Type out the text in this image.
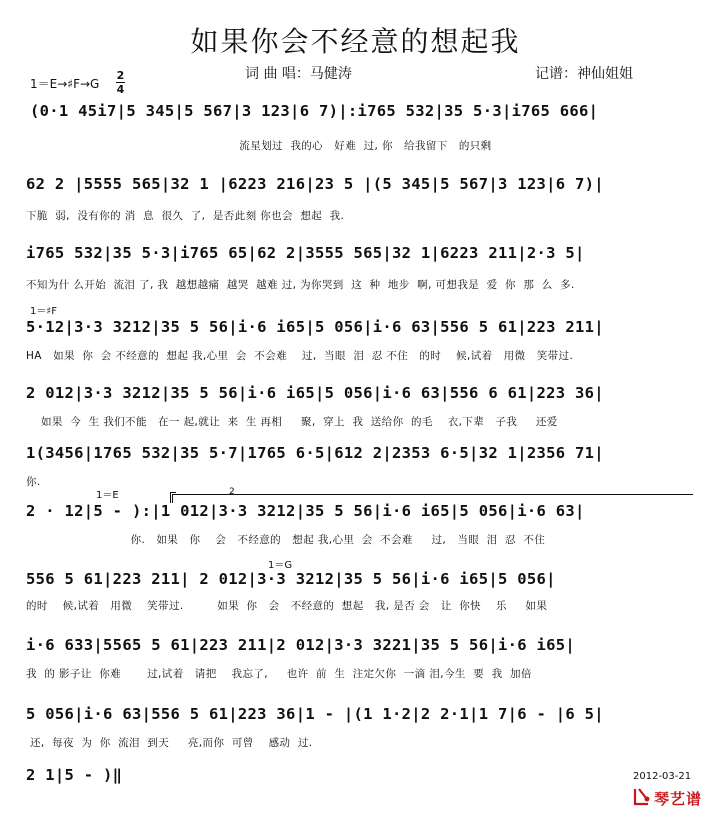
如果你会不经意的想起我
词 曲 唱：马健涛	记谱：神仙姐姐
1＝E→♯F→G
2
4
(0·1 45i7|5 345|5 567|3 123|6 7)|:i765 532|35 5·3|i765 666|
流星划过  我的心   好难  过, 你   给我留下   的只剩
62 2 |5555 565|32 1 |6223 216|23 5 |(5 345|5 567|3 123|6 7)|
下脆  弱,  没有你的 消  息  很久  了,  是否此刻 你也会  想起  我.
i765 532|35 5·3|i765 65|62 2|3555 565|32 1|6223 211|2·3 5|
不知为什 么开始  流泪 了, 我  越想越痛  越哭  越难 过, 为你哭到  这  种  地步  啊, 可想我是  爱  你  那  么  多.
1＝♯F
5·12|3·3 3212|35 5 56|i·6 i65|5 056|i·6 63|556 5 61|223 211|
HA   如果  你  会 不经意的  想起 我,心里  会  不会难    过,  当眼  泪  忍 不住   的时    候,试着   用微   笑带过.
2 012|3·3 3212|35 5 56|i·6 i65|5 056|i·6 63|556 6 61|223 36|
如果  今  生 我们不能   在一 起,就让  来  生 再相     聚,  穿上  我  送给你  的毛    衣,下辈   子我     还爱
1(3456|1765 532|35 5·7|1765 6·5|612 2|2353 6·5|32 1|2356 71|
你.
1＝E	2
2 · 12|5 - ):|1 012|3·3 3212|35 5 56|i·6 i65|5 056|i·6 63|
你.   如果   你    会   不经意的   想起 我,心里  会  不会难     过,   当眼  泪  忍  不住
1＝G
556 5 61|223 211| 2 012|3·3 3212|35 5 56|i·6 i65|5 056|
的时    候,试着   用微    笑带过.         如果  你   会   不经意的  想起   我, 是否 会   让  你快    乐     如果
i·6 633|5565 5 61|223 211|2 012|3·3 3221|35 5 56|i·6 i65|
我  的 影子让  你难       过,试着   请把    我忘了,     也许  前  生  注定欠你  一滴 泪,今生  要  我  加倍
5 056|i·6 63|556 5 61|223 36|1 - |(1 1·2|2 2·1|1 7|6 - |6 5|
还,  每夜  为  你  流泪  到天     亮,而你  可曾    感动  过.
2 1|5 - )‖	2012-03-21
琴艺谱
